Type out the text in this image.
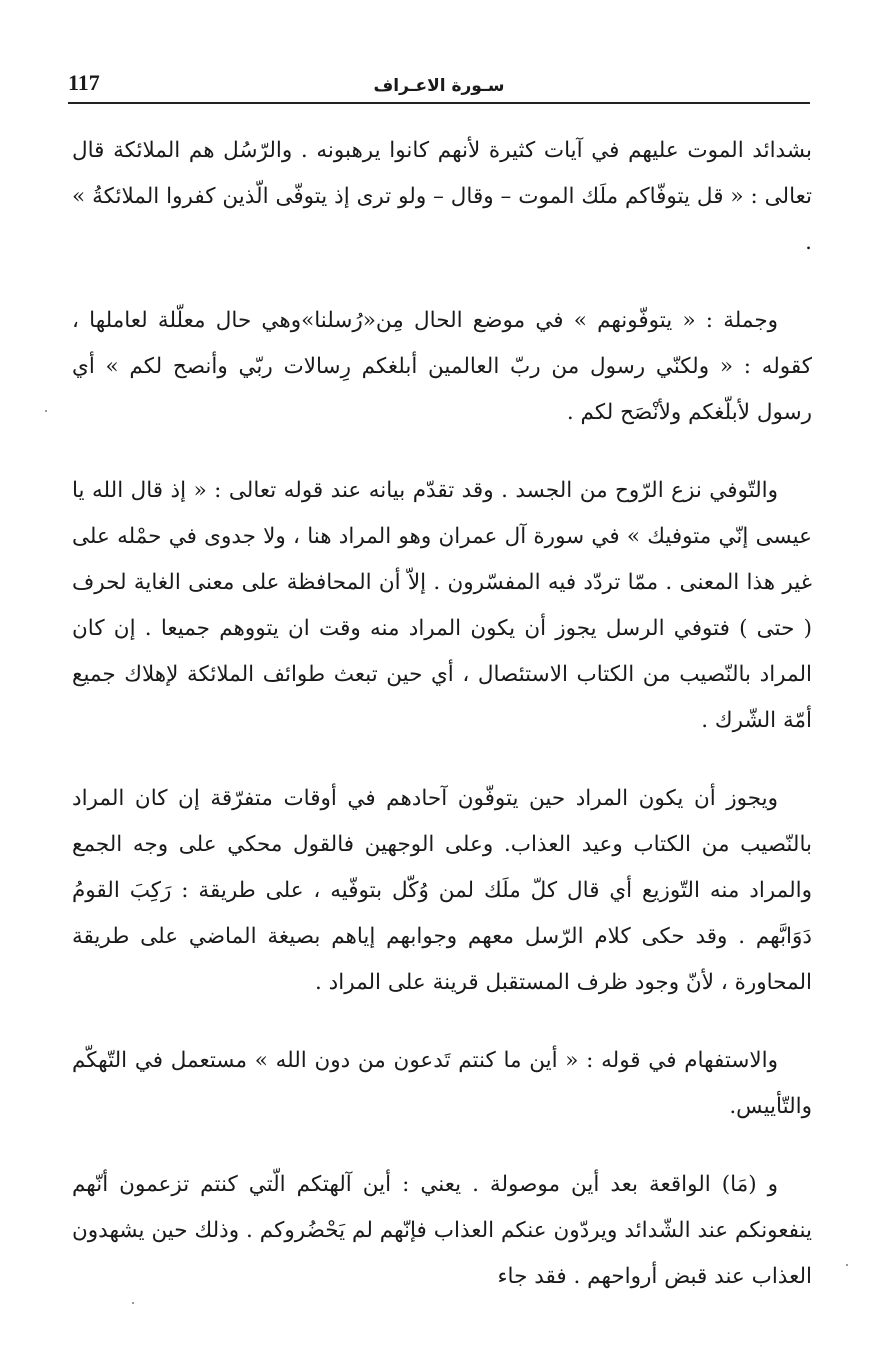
117	سـورة الاعـراف

بشدائد الموت عليهم في آيات كثيرة لأنهم كانوا يرهبونه . والرّسُل هم الملائكة قال تعالى : « قل يتوفّاكم ملَك الموت – وقال – ولو ترى إذ يتوفّى الّذين كفروا الملائكةُ » .

وجملة : « يتوفّونهم » في موضع الحال مِن«رُسلنا»وهي حال معلّلة لعاملها ، كقوله : « ولكنّي رسول من ربّ العالمين أبلغكم رِسالات ربّي وأنصح لكم » أي رسول لأبلّغكم ولأنْصَح لكم .

والتّوفي نزع الرّوح من الجسد . وقد تقدّم بيانه عند قوله تعالى : « إذ قال الله يا عيسى إنّي متوفيك » في سورة آل عمران وهو المراد هنا ، ولا جدوى في حمْله على غير هذا المعنى . ممّا تردّد فيه المفسّرون . إلاّ أن المحافظة على معنى الغاية لحرف ( حتى ) فتوفي الرسل يجوز أن يكون المراد منه وقت ان يتووهم جميعا . إن كان المراد بالنّصيب من الكتاب الاستئصال ، أي حين تبعث طوائف الملائكة لإهلاك جميع أمّة الشّرك .

ويجوز أن يكون المراد حين يتوفّون آحادهم في أوقات متفرّقة إن كان المراد بالنّصيب من الكتاب وعيد العذاب. وعلى الوجهين فالقول محكي على وجه الجمع والمراد منه التّوزيع أي قال كلّ ملَك لمن وُكّل بتوفّيه ، على طريقة : رَكِبَ القومُ دَوَابَّهم . وقد حكى كلام الرّسل معهم وجوابهم إياهم بصيغة الماضي على طريقة المحاورة ، لأنّ وجود ظرف المستقبل قرينة على المراد .

والاستفهام في قوله : « أين ما كنتم تَدعون من دون الله » مستعمل في التّهكّم والتّأييس.

و (مَا) الواقعة بعد أين موصولة . يعني : أين آلهتكم الّتي كنتم تزعمون أنّهم ينفعونكم عند الشّدائد ويردّون عنكم العذاب فإنّهم لم يَحْضُروكم . وذلك حين يشهدون العذاب عند قبض أرواحهم . فقد جاء
